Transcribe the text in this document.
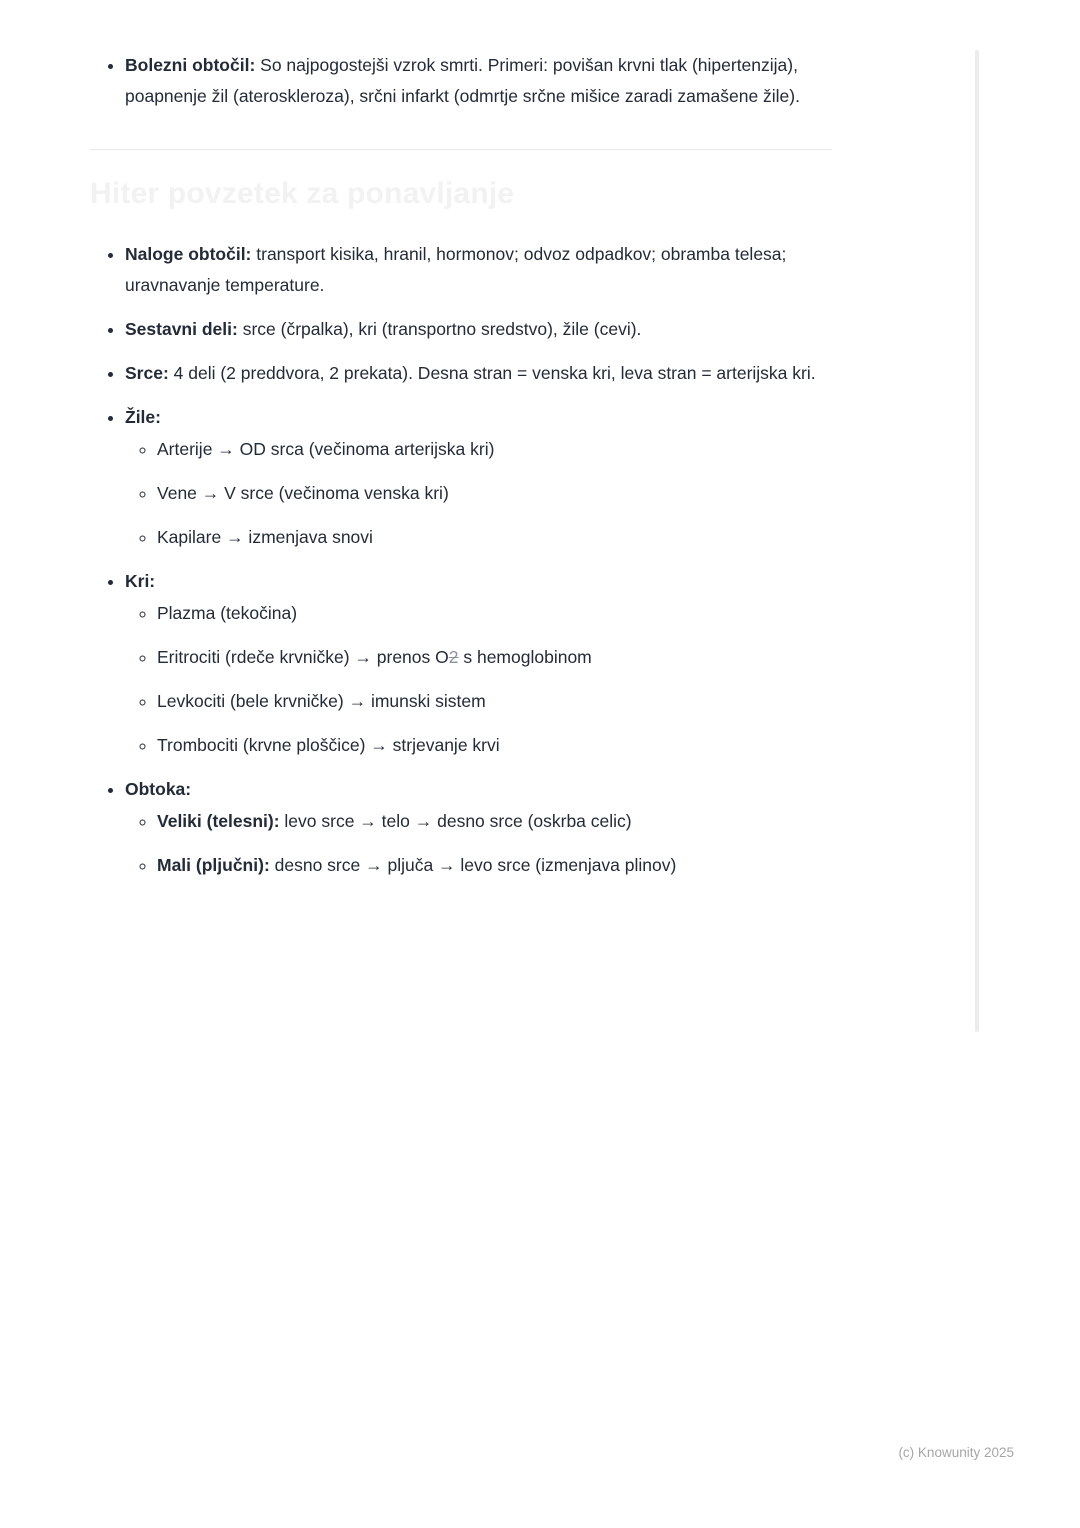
• Bolezni obtočil: So najpogostejši vzrok smrti. Primeri: povišan krvni tlak (hipertenzija), poapnenje žil (ateroskleroza), srčni infarkt (odmrtje srčne mišice zaradi zamašene žile).
Hiter povzetek za ponavljanje
• Naloge obtočil: transport kisika, hranil, hormonov; odvoz odpadkov; obramba telesa; uravnavanje temperature.
• Sestavni deli: srce (črpalka), kri (transportno sredstvo), žile (cevi).
• Srce: 4 deli (2 preddvora, 2 prekata). Desna stran = venska kri, leva stran = arterijska kri.
• Žile:
◦ Arterije → OD srca (večinoma arterijska kri)
◦ Vene → V srce (večinoma venska kri)
◦ Kapilare → izmenjava snovi
• Kri:
◦ Plazma (tekočina)
◦ Eritrociti (rdeče krvničke) → prenos O2 s hemoglobinom
◦ Levkociti (bele krvničke) → imunski sistem
◦ Trombociti (krvne ploščice) → strjevanje krvi
• Obtoka:
◦ Veliki (telesni): levo srce → telo → desno srce (oskrba celic)
◦ Mali (pljučni): desno srce → pljuča → levo srce (izmenjava plinov)
(c) Knowunity 2025
